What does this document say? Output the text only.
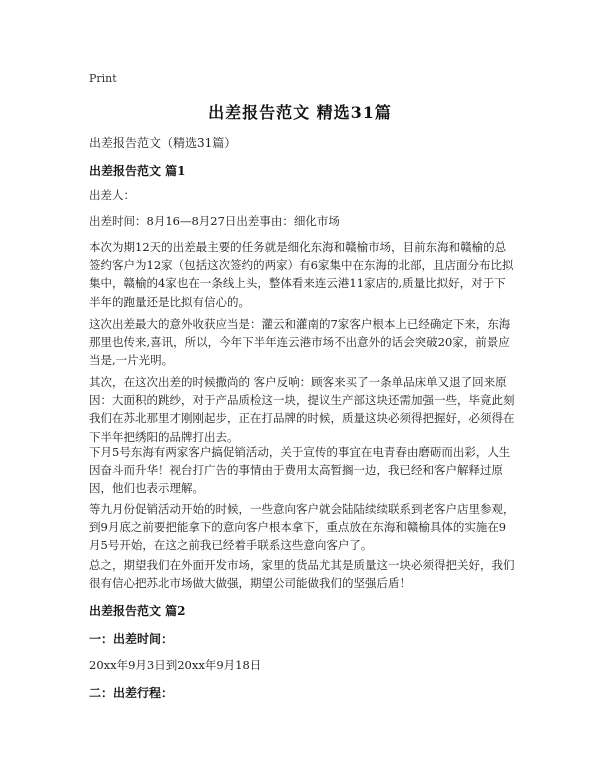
Print
出差报告范文 精选31篇
出差报告范文（精选31篇）
出差报告范文 篇1
出差人：
出差时间：8月16—8月27日出差事由：细化市场
本次为期12天的出差最主要的任务就是细化东海和赣榆市场，目前东海和赣榆的总签约客户为12家（包括这次签约的两家）有6家集中在东海的北部，且店面分布比拟集中，赣榆的4家也在一条线上头，整体看来连云港11家店的,质量比拟好，对于下半年的跑量还是比拟有信心的。
这次出差最大的意外收获应当是：灌云和灌南的7家客户根本上已经确定下来，东海那里也传来,喜讯，所以，今年下半年连云港市场不出意外的话会突破20家，前景应当是,一片光明。
其次，在这次出差的时候撒尚的 客户反响：顾客来买了一条单品床单又退了回来原因：大面积的跳纱，对于产品质检这一块，提议生产部这块还需加强一些，毕竟此刻我们在苏北那里才刚刚起步，正在打品牌的时候，质量这块必须得把握好，必须得在下半年把绣阳的品牌打出去。
下月5号东海有两家客户搞促销活动，关于宣传的事宜在电青春由磨砺而出彩，人生因奋斗而升华！视台打广告的事情由于费用太高暂搁一边，我已经和客户解释过原因，他们也表示理解。
等九月份促销活动开始的时候，一些意向客户就会陆陆续续联系到老客户店里参观，到9月底之前要把能拿下的意向客户根本拿下，重点放在东海和赣榆具体的实施在9月5号开始，在这之前我已经着手联系这些意向客户了。
总之，期望我们在外面开发市场，家里的货品尤其是质量这一块必须得把关好，我们很有信心把苏北市场做大做强，期望公司能做我们的坚强后盾！
出差报告范文 篇2
一：出差时间：
20xx年9月3日到20xx年9月18日
二：出差行程：
